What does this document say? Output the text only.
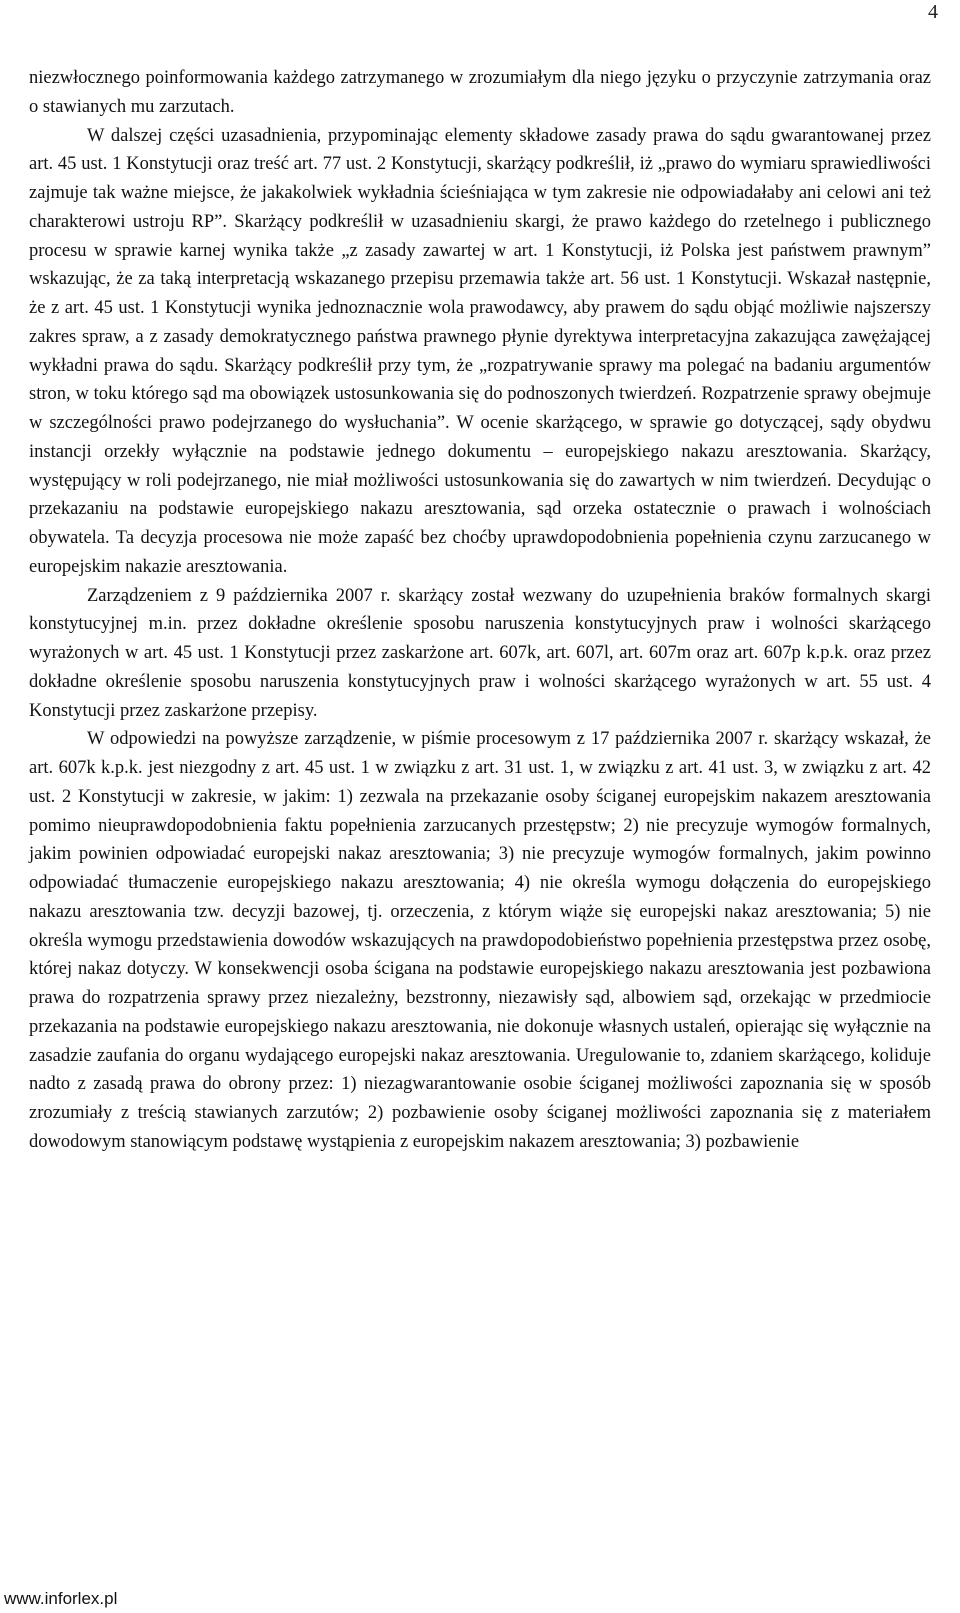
4

niezwłocznego poinformowania każdego zatrzymanego w zrozumiałym dla niego języku o przyczynie zatrzymania oraz o stawianych mu zarzutach.

W dalszej części uzasadnienia, przypominając elementy składowe zasady prawa do sądu gwarantowanej przez art. 45 ust. 1 Konstytucji oraz treść art. 77 ust. 2 Konstytucji, skarżący podkreślił, iż „prawo do wymiaru sprawiedliwości zajmuje tak ważne miejsce, że jakakolwiek wykładnia ścieśniająca w tym zakresie nie odpowiadałaby ani celowi ani też charakterowi ustroju RP”. Skarżący podkreślił w uzasadnieniu skargi, że prawo każdego do rzetelnego i publicznego procesu w sprawie karnej wynika także „z zasady zawartej w art. 1 Konstytucji, iż Polska jest państwem prawnym” wskazując, że za taką interpretacją wskazanego przepisu przemawia także art. 56 ust. 1 Konstytucji. Wskazał następnie, że z art. 45 ust. 1 Konstytucji wynika jednoznacznie wola prawodawcy, aby prawem do sądu objąć możliwie najszerszy zakres spraw, a z zasady demokratycznego państwa prawnego płynie dyrektywa interpretacyjna zakazująca zawężającej wykładni prawa do sądu. Skarżący podkreślił przy tym, że „rozpatrywanie sprawy ma polegać na badaniu argumentów stron, w toku którego sąd ma obowiązek ustosunkowania się do podnoszonych twierdzeń. Rozpatrzenie sprawy obejmuje w szczególności prawo podejrzanego do wysłuchania”. W ocenie skarżącego, w sprawie go dotyczącej, sądy obydwu instancji orzekły wyłącznie na podstawie jednego dokumentu – europejskiego nakazu aresztowania. Skarżący, występujący w roli podejrzanego, nie miał możliwości ustosunkowania się do zawartych w nim twierdzeń. Decydując o przekazaniu na podstawie europejskiego nakazu aresztowania, sąd orzeka ostatecznie o prawach i wolnościach obywatela. Ta decyzja procesowa nie może zapaść bez choćby uprawdopodobnienia popełnienia czynu zarzucanego w europejskim nakazie aresztowania.

Zarządzeniem z 9 października 2007 r. skarżący został wezwany do uzupełnienia braków formalnych skargi konstytucyjnej m.in. przez dokładne określenie sposobu naruszenia konstytucyjnych praw i wolności skarżącego wyrażonych w art. 45 ust. 1 Konstytucji przez zaskarżone art. 607k, art. 607l, art. 607m oraz art. 607p k.p.k. oraz przez dokładne określenie sposobu naruszenia konstytucyjnych praw i wolności skarżącego wyrażonych w art. 55 ust. 4 Konstytucji przez zaskarżone przepisy.

W odpowiedzi na powyższe zarządzenie, w piśmie procesowym z 17 października 2007 r. skarżący wskazał, że art. 607k k.p.k. jest niezgodny z art. 45 ust. 1 w związku z art. 31 ust. 1, w związku z art. 41 ust. 3, w związku z art. 42 ust. 2 Konstytucji w zakresie, w jakim: 1) zezwala na przekazanie osoby ściganej europejskim nakazem aresztowania pomimo nieuprawdopodobnienia faktu popełnienia zarzucanych przestępstw; 2) nie precyzuje wymogów formalnych, jakim powinien odpowiadać europejski nakaz aresztowania; 3) nie precyzuje wymogów formalnych, jakim powinno odpowiadać tłumaczenie europejskiego nakazu aresztowania; 4) nie określa wymogu dołączenia do europejskiego nakazu aresztowania tzw. decyzji bazowej, tj. orzeczenia, z którym wiąże się europejski nakaz aresztowania; 5) nie określa wymogu przedstawienia dowodów wskazujących na prawdopodobieństwo popełnienia przestępstwa przez osobę, której nakaz dotyczy. W konsekwencji osoba ścigana na podstawie europejskiego nakazu aresztowania jest pozbawiona prawa do rozpatrzenia sprawy przez niezależny, bezstronny, niezawisły sąd, albowiem sąd, orzekając w przedmiocie przekazania na podstawie europejskiego nakazu aresztowania, nie dokonuje własnych ustaleń, opierając się wyłącznie na zasadzie zaufania do organu wydającego europejski nakaz aresztowania. Uregulowanie to, zdaniem skarżącego, koliduje nadto z zasadą prawa do obrony przez: 1) niezagwarantowanie osobie ściganej możliwości zapoznania się w sposób zrozumiały z treścią stawianych zarzutów; 2) pozbawienie osoby ściganej możliwości zapoznania się z materiałem dowodowym stanowiącym podstawę wystąpienia z europejskim nakazem aresztowania; 3) pozbawienie

www.inforlex.pl
